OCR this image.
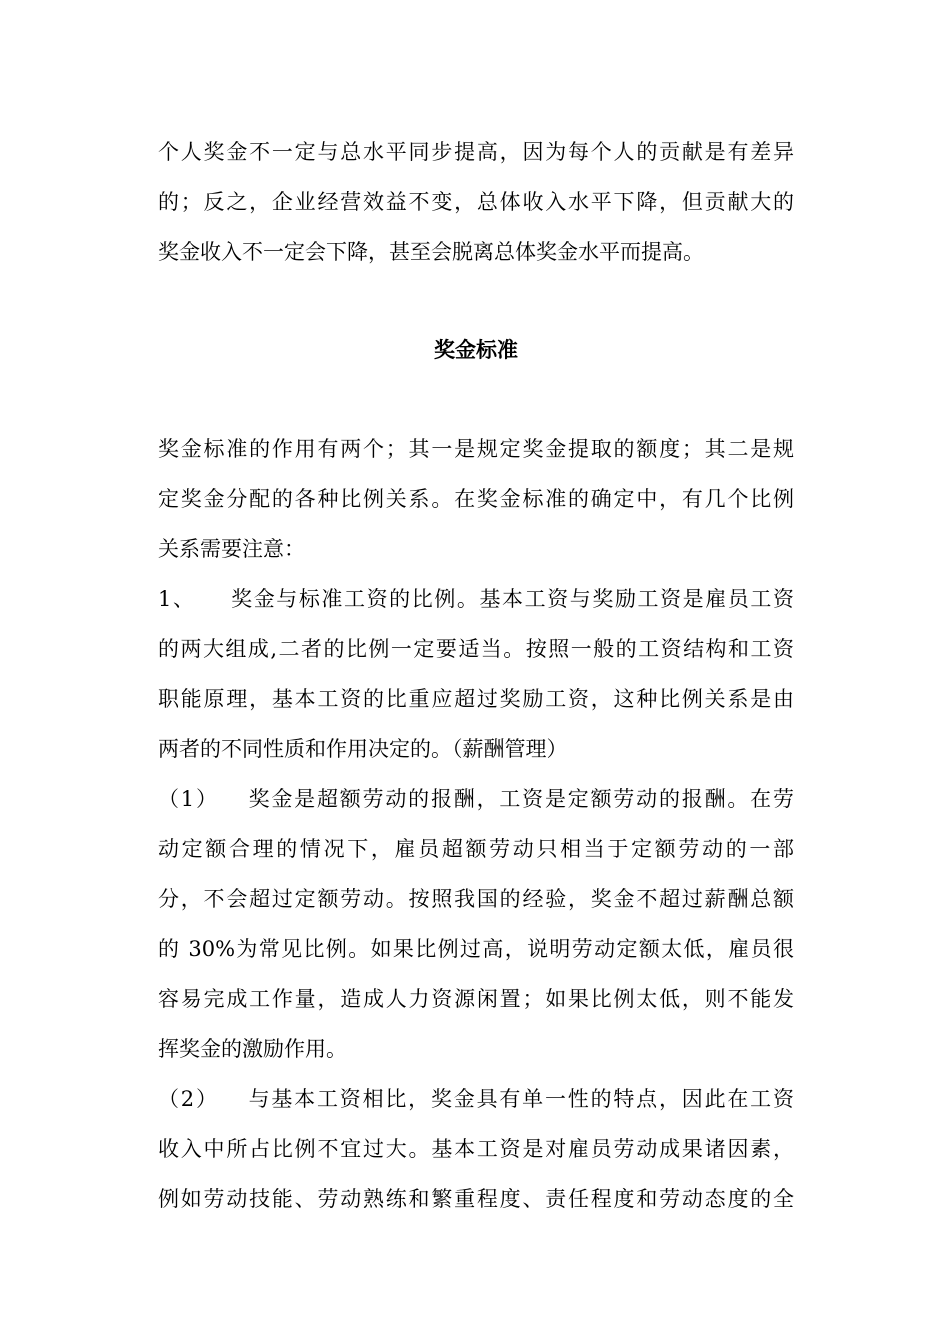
个人奖金不一定与总水平同步提高，因为每个人的贡献是有差异
的；反之，企业经营效益不变，总体收入水平下降，但贡献大的
奖金收入不一定会下降，甚至会脱离总体奖金水平而提高。
奖金标准
奖金标准的作用有两个；其一是规定奖金提取的额度；其二是规
定奖金分配的各种比例关系。在奖金标准的确定中，有几个比例
关系需要注意：
1、 奖金与标准工资的比例。基本工资与奖励工资是雇员工资
的两大组成,二者的比例一定要适当。按照一般的工资结构和工资
职能原理，基本工资的比重应超过奖励工资，这种比例关系是由
两者的不同性质和作用决定的。（薪酬管理）
（1） 奖金是超额劳动的报酬，工资是定额劳动的报酬。在劳
动定额合理的情况下，雇员超额劳动只相当于定额劳动的一部
分，不会超过定额劳动。按照我国的经验，奖金不超过薪酬总额
的 30%为常见比例。如果比例过高，说明劳动定额太低，雇员很
容易完成工作量，造成人力资源闲置；如果比例太低，则不能发
挥奖金的激励作用。
（2） 与基本工资相比，奖金具有单一性的特点，因此在工资
收入中所占比例不宜过大。基本工资是对雇员劳动成果诸因素，
例如劳动技能、劳动熟练和繁重程度、责任程度和劳动态度的全
